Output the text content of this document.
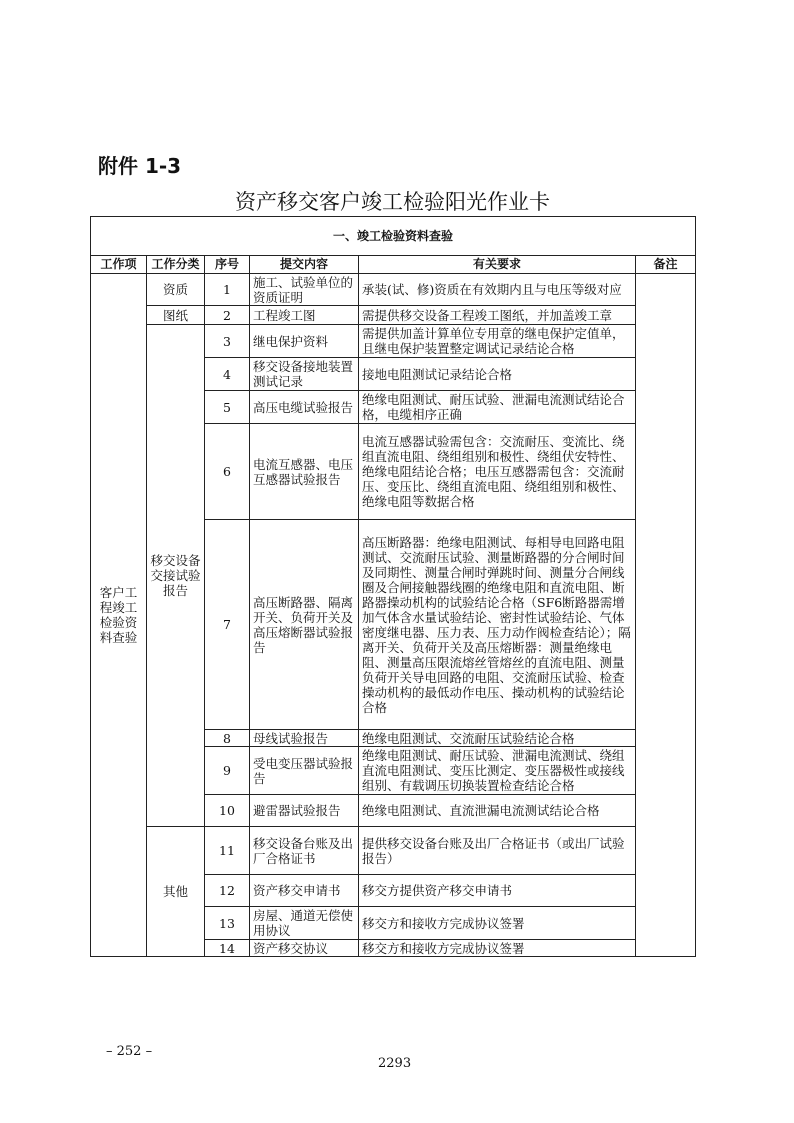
附件 1-3
资产移交客户竣工检验阳光作业卡
一、竣工检验资料查验					
工作项	工作分类	序号	提交内容	有关要求	备注
客户工程竣工检验资料查验	资质	1	施工、试验单位的资质证明	承装(试、修)资质在有效期内且与电压等级对应	
	图纸	2	工程竣工图	需提供移交设备工程竣工图纸，并加盖竣工章	
	移交设备交接试验报告	3	继电保护资料	需提供加盖计算单位专用章的继电保护定值单，且继电保护装置整定调试记录结论合格	
		4	移交设备接地装置测试记录	接地电阻测试记录结论合格	
		5	高压电缆试验报告	绝缘电阻测试、耐压试验、泄漏电流测试结论合格，电缆相序正确	
		6	电流互感器、电压互感器试验报告	电流互感器试验需包含：交流耐压、变流比、绕组直流电阻、绕组组别和极性、绕组伏安特性、绝缘电阻结论合格；电压互感器需包含：交流耐压、变压比、绕组直流电阻、绕组组别和极性、绝缘电阻等数据合格	
		7	高压断路器、隔离开关、负荷开关及高压熔断器试验报告	高压断路器：绝缘电阻测试、每相导电回路电阻测试、交流耐压试验、测量断路器的分合闸时间及同期性、测量合闸时弹跳时间、测量分合闸线圈及合闸接触器线圈的绝缘电阻和直流电阻、断路器操动机构的试验结论合格（SF6断路器需增加气体含水量试验结论、密封性试验结论、气体密度继电器、压力表、压力动作阀检查结论）；隔离开关、负荷开关及高压熔断器：测量绝缘电阻、测量高压限流熔丝管熔丝的直流电阻、测量负荷开关导电回路的电阻、交流耐压试验、检查操动机构的最低动作电压、操动机构的试验结论合格	
		8	母线试验报告	绝缘电阻测试、交流耐压试验结论合格	
		9	受电变压器试验报告	绝缘电阻测试、耐压试验、泄漏电流测试、绕组直流电阻测试、变压比测定、变压器极性或接线组别、有载调压切换装置检查结论合格	
		10	避雷器试验报告	绝缘电阻测试、直流泄漏电流测试结论合格	
	其他	11	移交设备台账及出厂合格证书	提供移交设备台账及出厂合格证书（或出厂试验报告）	
		12	资产移交申请书	移交方提供资产移交申请书	
		13	房屋、通道无偿使用协议	移交方和接收方完成协议签署	
		14	资产移交协议	移交方和接收方完成协议签署	
– 252 –
2293
